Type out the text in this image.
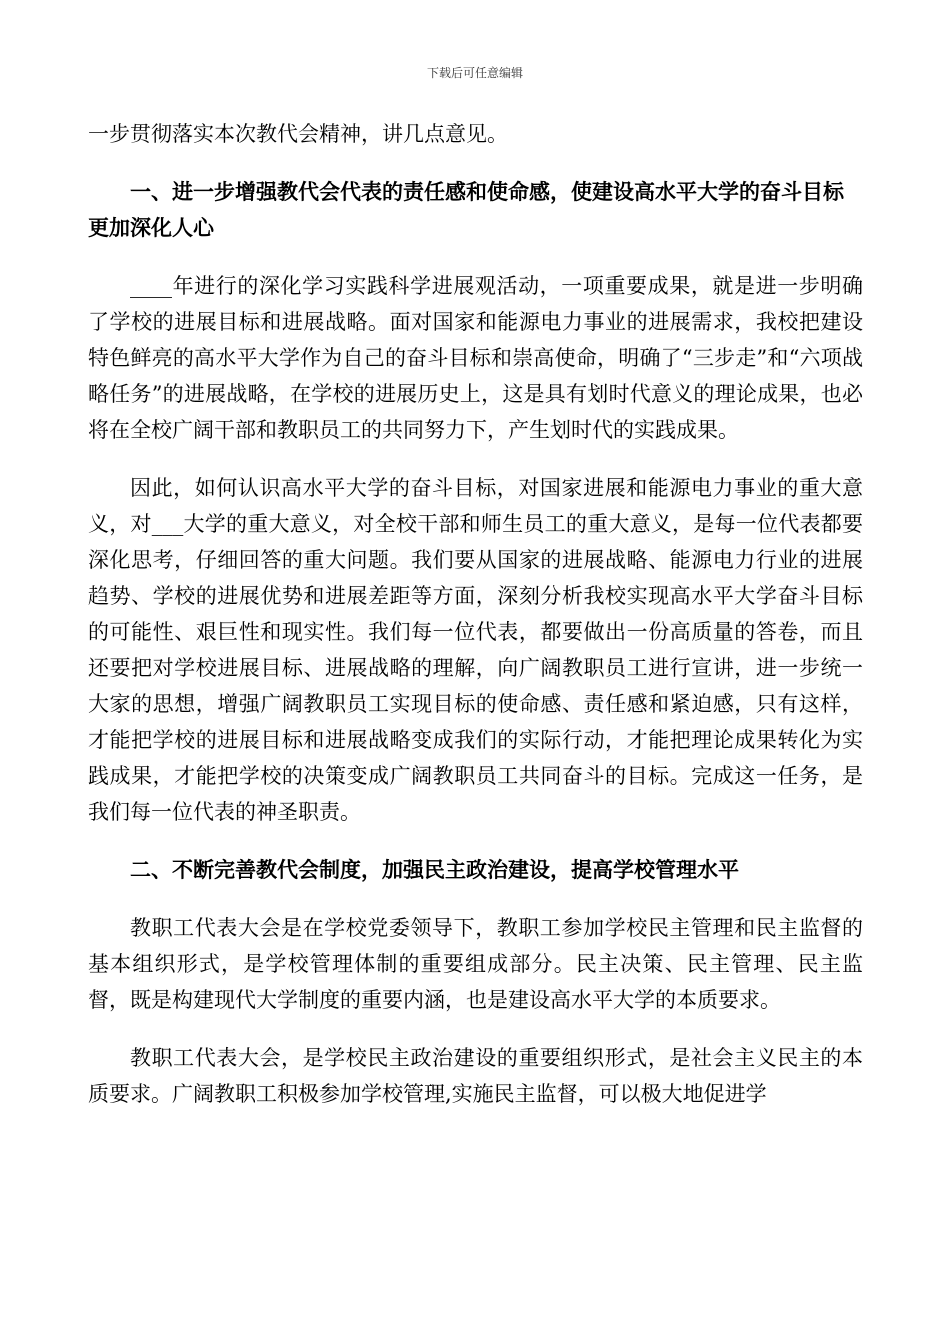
下载后可任意编辑

一步贯彻落实本次教代会精神，讲几点意见。

一、进一步增强教代会代表的责任感和使命感，使建设高水平大学的奋斗目标更加深化人心

____年进行的深化学习实践科学进展观活动，一项重要成果，就是进一步明确了学校的进展目标和进展战略。面对国家和能源电力事业的进展需求，我校把建设特色鲜亮的高水平大学作为自己的奋斗目标和崇高使命，明确了“三步走”和“六项战略任务”的进展战略，在学校的进展历史上，这是具有划时代意义的理论成果，也必将在全校广阔干部和教职员工的共同努力下，产生划时代的实践成果。

因此，如何认识高水平大学的奋斗目标，对国家进展和能源电力事业的重大意义，对___大学的重大意义，对全校干部和师生员工的重大意义，是每一位代表都要深化思考，仔细回答的重大问题。我们要从国家的进展战略、能源电力行业的进展趋势、学校的进展优势和进展差距等方面，深刻分析我校实现高水平大学奋斗目标的可能性、艰巨性和现实性。我们每一位代表，都要做出一份高质量的答卷，而且还要把对学校进展目标、进展战略的理解，向广阔教职员工进行宣讲，进一步统一大家的思想，增强广阔教职员工实现目标的使命感、责任感和紧迫感，只有这样，才能把学校的进展目标和进展战略变成我们的实际行动，才能把理论成果转化为实践成果，才能把学校的决策变成广阔教职员工共同奋斗的目标。完成这一任务，是我们每一位代表的神圣职责。

二、不断完善教代会制度，加强民主政治建设，提高学校管理水平

教职工代表大会是在学校党委领导下，教职工参加学校民主管理和民主监督的基本组织形式，是学校管理体制的重要组成部分。民主决策、民主管理、民主监督，既是构建现代大学制度的重要内涵，也是建设高水平大学的本质要求。

教职工代表大会，是学校民主政治建设的重要组织形式，是社会主义民主的本质要求。广阔教职工积极参加学校管理,实施民主监督，可以极大地促进学
